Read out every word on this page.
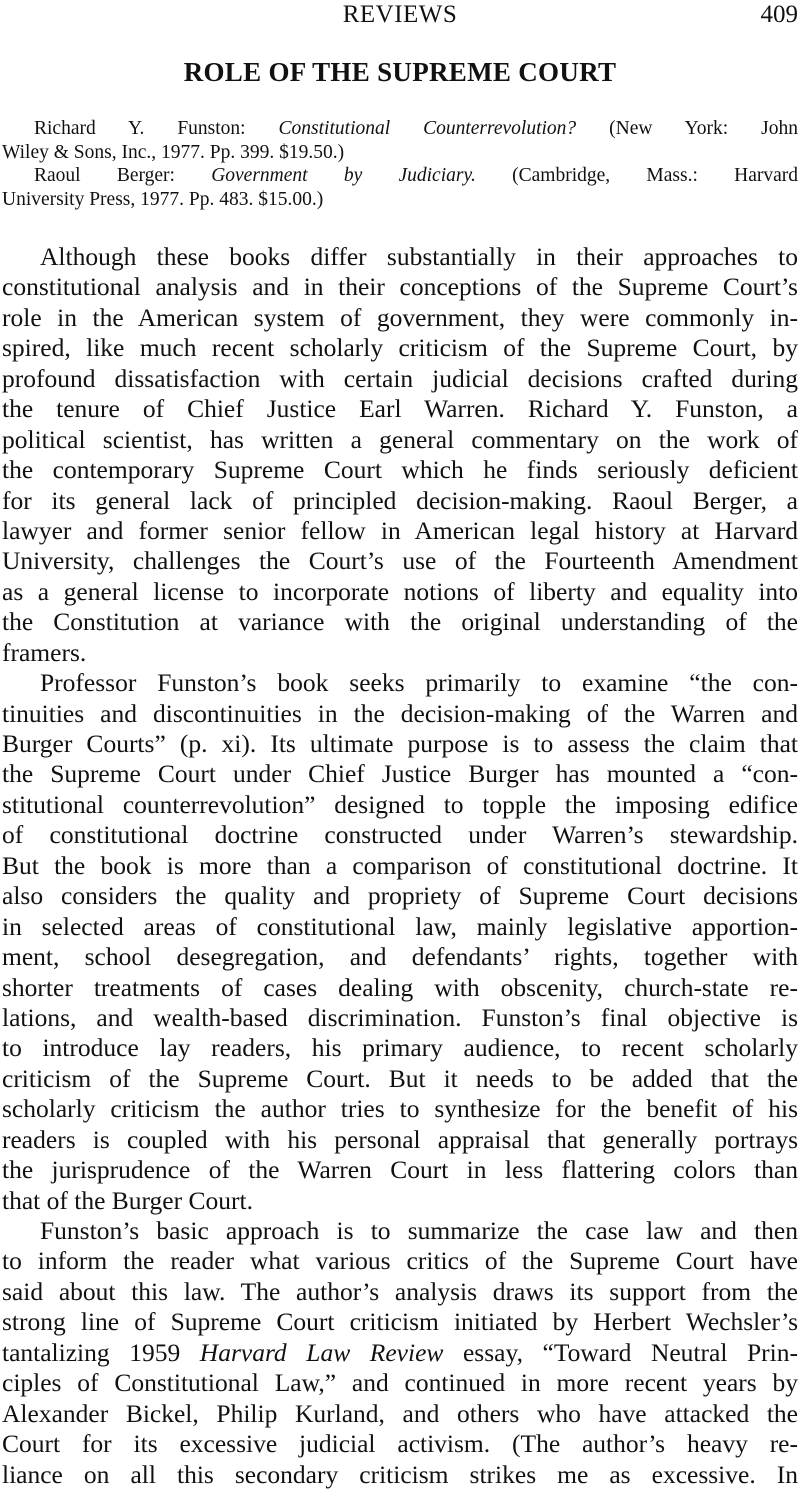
REVIEWS	409
ROLE OF THE SUPREME COURT
Richard Y. Funston: Constitutional Counterrevolution? (New York: John
Wiley & Sons, Inc., 1977. Pp. 399. $19.50.)
Raoul Berger: Government by Judiciary. (Cambridge, Mass.: Harvard
University Press, 1977. Pp. 483. $15.00.)
Although these books differ substantially in their approaches to
constitutional analysis and in their conceptions of the Supreme Court’s
role in the American system of government, they were commonly in-
spired, like much recent scholarly criticism of the Supreme Court, by
profound dissatisfaction with certain judicial decisions crafted during
the tenure of Chief Justice Earl Warren. Richard Y. Funston, a
political scientist, has written a general commentary on the work of
the contemporary Supreme Court which he finds seriously deficient
for its general lack of principled decision-making. Raoul Berger, a
lawyer and former senior fellow in American legal history at Harvard
University, challenges the Court’s use of the Fourteenth Amendment
as a general license to incorporate notions of liberty and equality into
the Constitution at variance with the original understanding of the
framers.
Professor Funston’s book seeks primarily to examine “the con-
tinuities and discontinuities in the decision-making of the Warren and
Burger Courts” (p. xi). Its ultimate purpose is to assess the claim that
the Supreme Court under Chief Justice Burger has mounted a “con-
stitutional counterrevolution” designed to topple the imposing edifice
of constitutional doctrine constructed under Warren’s stewardship.
But the book is more than a comparison of constitutional doctrine. It
also considers the quality and propriety of Supreme Court decisions
in selected areas of constitutional law, mainly legislative apportion-
ment, school desegregation, and defendants’ rights, together with
shorter treatments of cases dealing with obscenity, church-state re-
lations, and wealth-based discrimination. Funston’s final objective is
to introduce lay readers, his primary audience, to recent scholarly
criticism of the Supreme Court. But it needs to be added that the
scholarly criticism the author tries to synthesize for the benefit of his
readers is coupled with his personal appraisal that generally portrays
the jurisprudence of the Warren Court in less flattering colors than
that of the Burger Court.
Funston’s basic approach is to summarize the case law and then
to inform the reader what various critics of the Supreme Court have
said about this law. The author’s analysis draws its support from the
strong line of Supreme Court criticism initiated by Herbert Wechsler’s
tantalizing 1959 Harvard Law Review essay, “Toward Neutral Prin-
ciples of Constitutional Law,” and continued in more recent years by
Alexander Bickel, Philip Kurland, and others who have attacked the
Court for its excessive judicial activism. (The author’s heavy re-
liance on all this secondary criticism strikes me as excessive. In
